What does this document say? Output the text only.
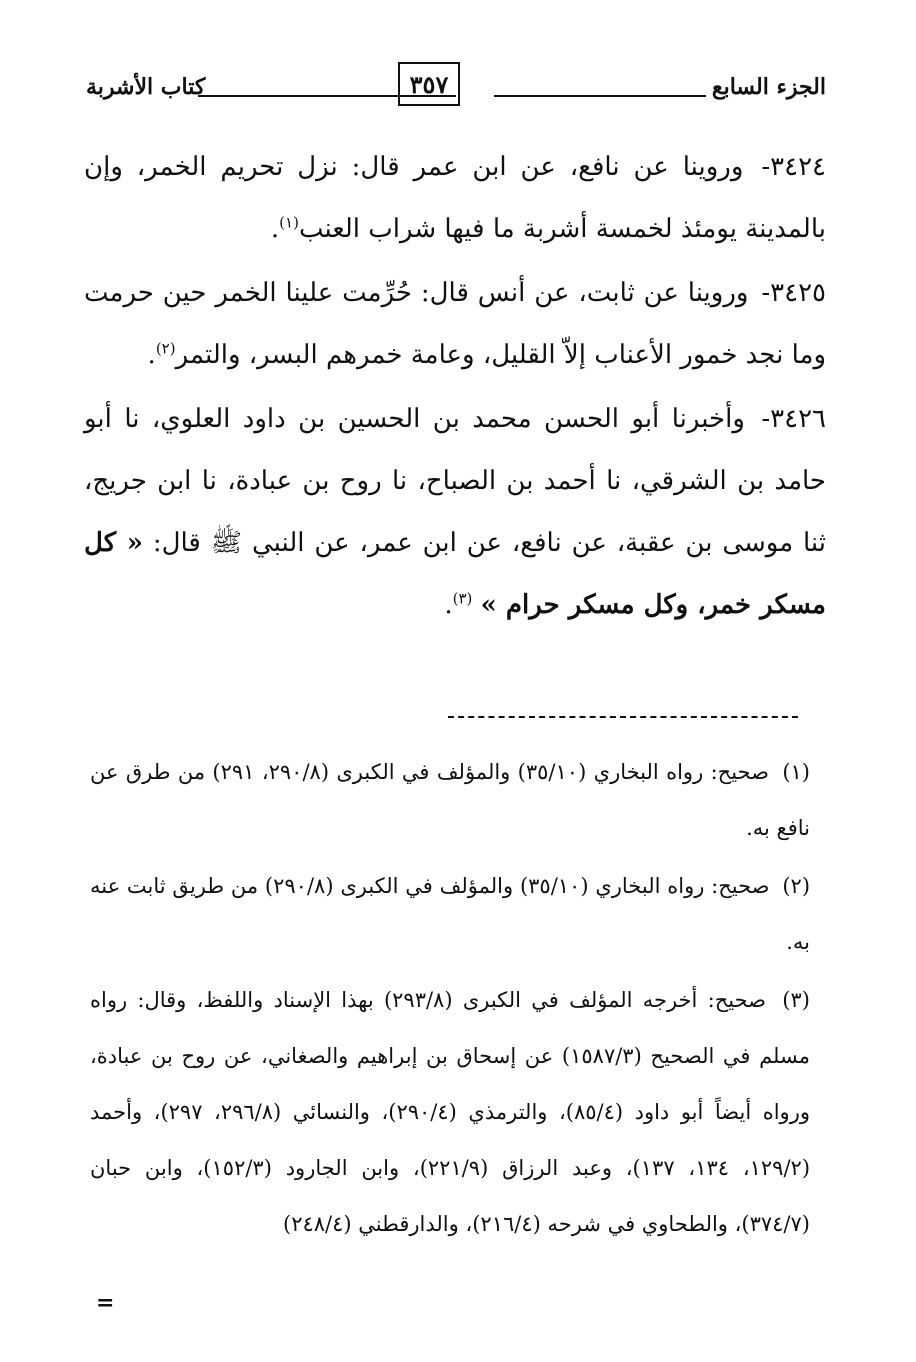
الجزء السابع
٣٥٧
كتاب الأشربة

٣٤٢٤- وروينا عن نافع، عن ابن عمر قال: نزل تحريم الخمر، وإن بالمدينة يومئذ لخمسة أشربة ما فيها شراب العنب$^{(١)}$.

٣٤٢٥- وروينا عن ثابت، عن أنس قال: حُرِّمت علينا الخمر حين حرمت وما نجد خمور الأعناب إلاّ القليل، وعامة خمرهم البسر، والتمر$^{(٢)}$.

٣٤٢٦- وأخبرنا أبو الحسن محمد بن الحسين بن داود العلوي، نا أبو حامد بن الشرقي، نا أحمد بن الصباح، نا روح بن عبادة، نا ابن جريج، ثنا موسى بن عقبة، عن نافع، عن ابن عمر، عن النبي ﷺ قال: « كل مسكر خمر، وكل مسكر حرام » $^{(٣)}$.

(١) صحيح: رواه البخاري (٣٥/١٠) والمؤلف في الكبرى (٢٩٠/٨، ٢٩١) من طرق عن نافع به.

(٢) صحيح: رواه البخاري (٣٥/١٠) والمؤلف في الكبرى (٢٩٠/٨) من طريق ثابت عنه به.

(٣) صحيح: أخرجه المؤلف في الكبرى (٢٩٣/٨) بهذا الإسناد واللفظ، وقال: رواه مسلم في الصحيح (١٥٨٧/٣) عن إسحاق بن إبراهيم والصغاني، عن روح بن عبادة، ورواه أيضاً أبو داود (٨٥/٤)، والترمذي (٢٩٠/٤)، والنسائي (٢٩٦/٨، ٢٩٧)، وأحمد (١٢٩/٢، ١٣٤، ١٣٧)، وعبد الرزاق (٢٢١/٩)، وابن الجارود (١٥٢/٣)، وابن حبان (٣٧٤/٧)، والطحاوي في شرحه (٢١٦/٤)، والدارقطني (٢٤٨/٤)

=
